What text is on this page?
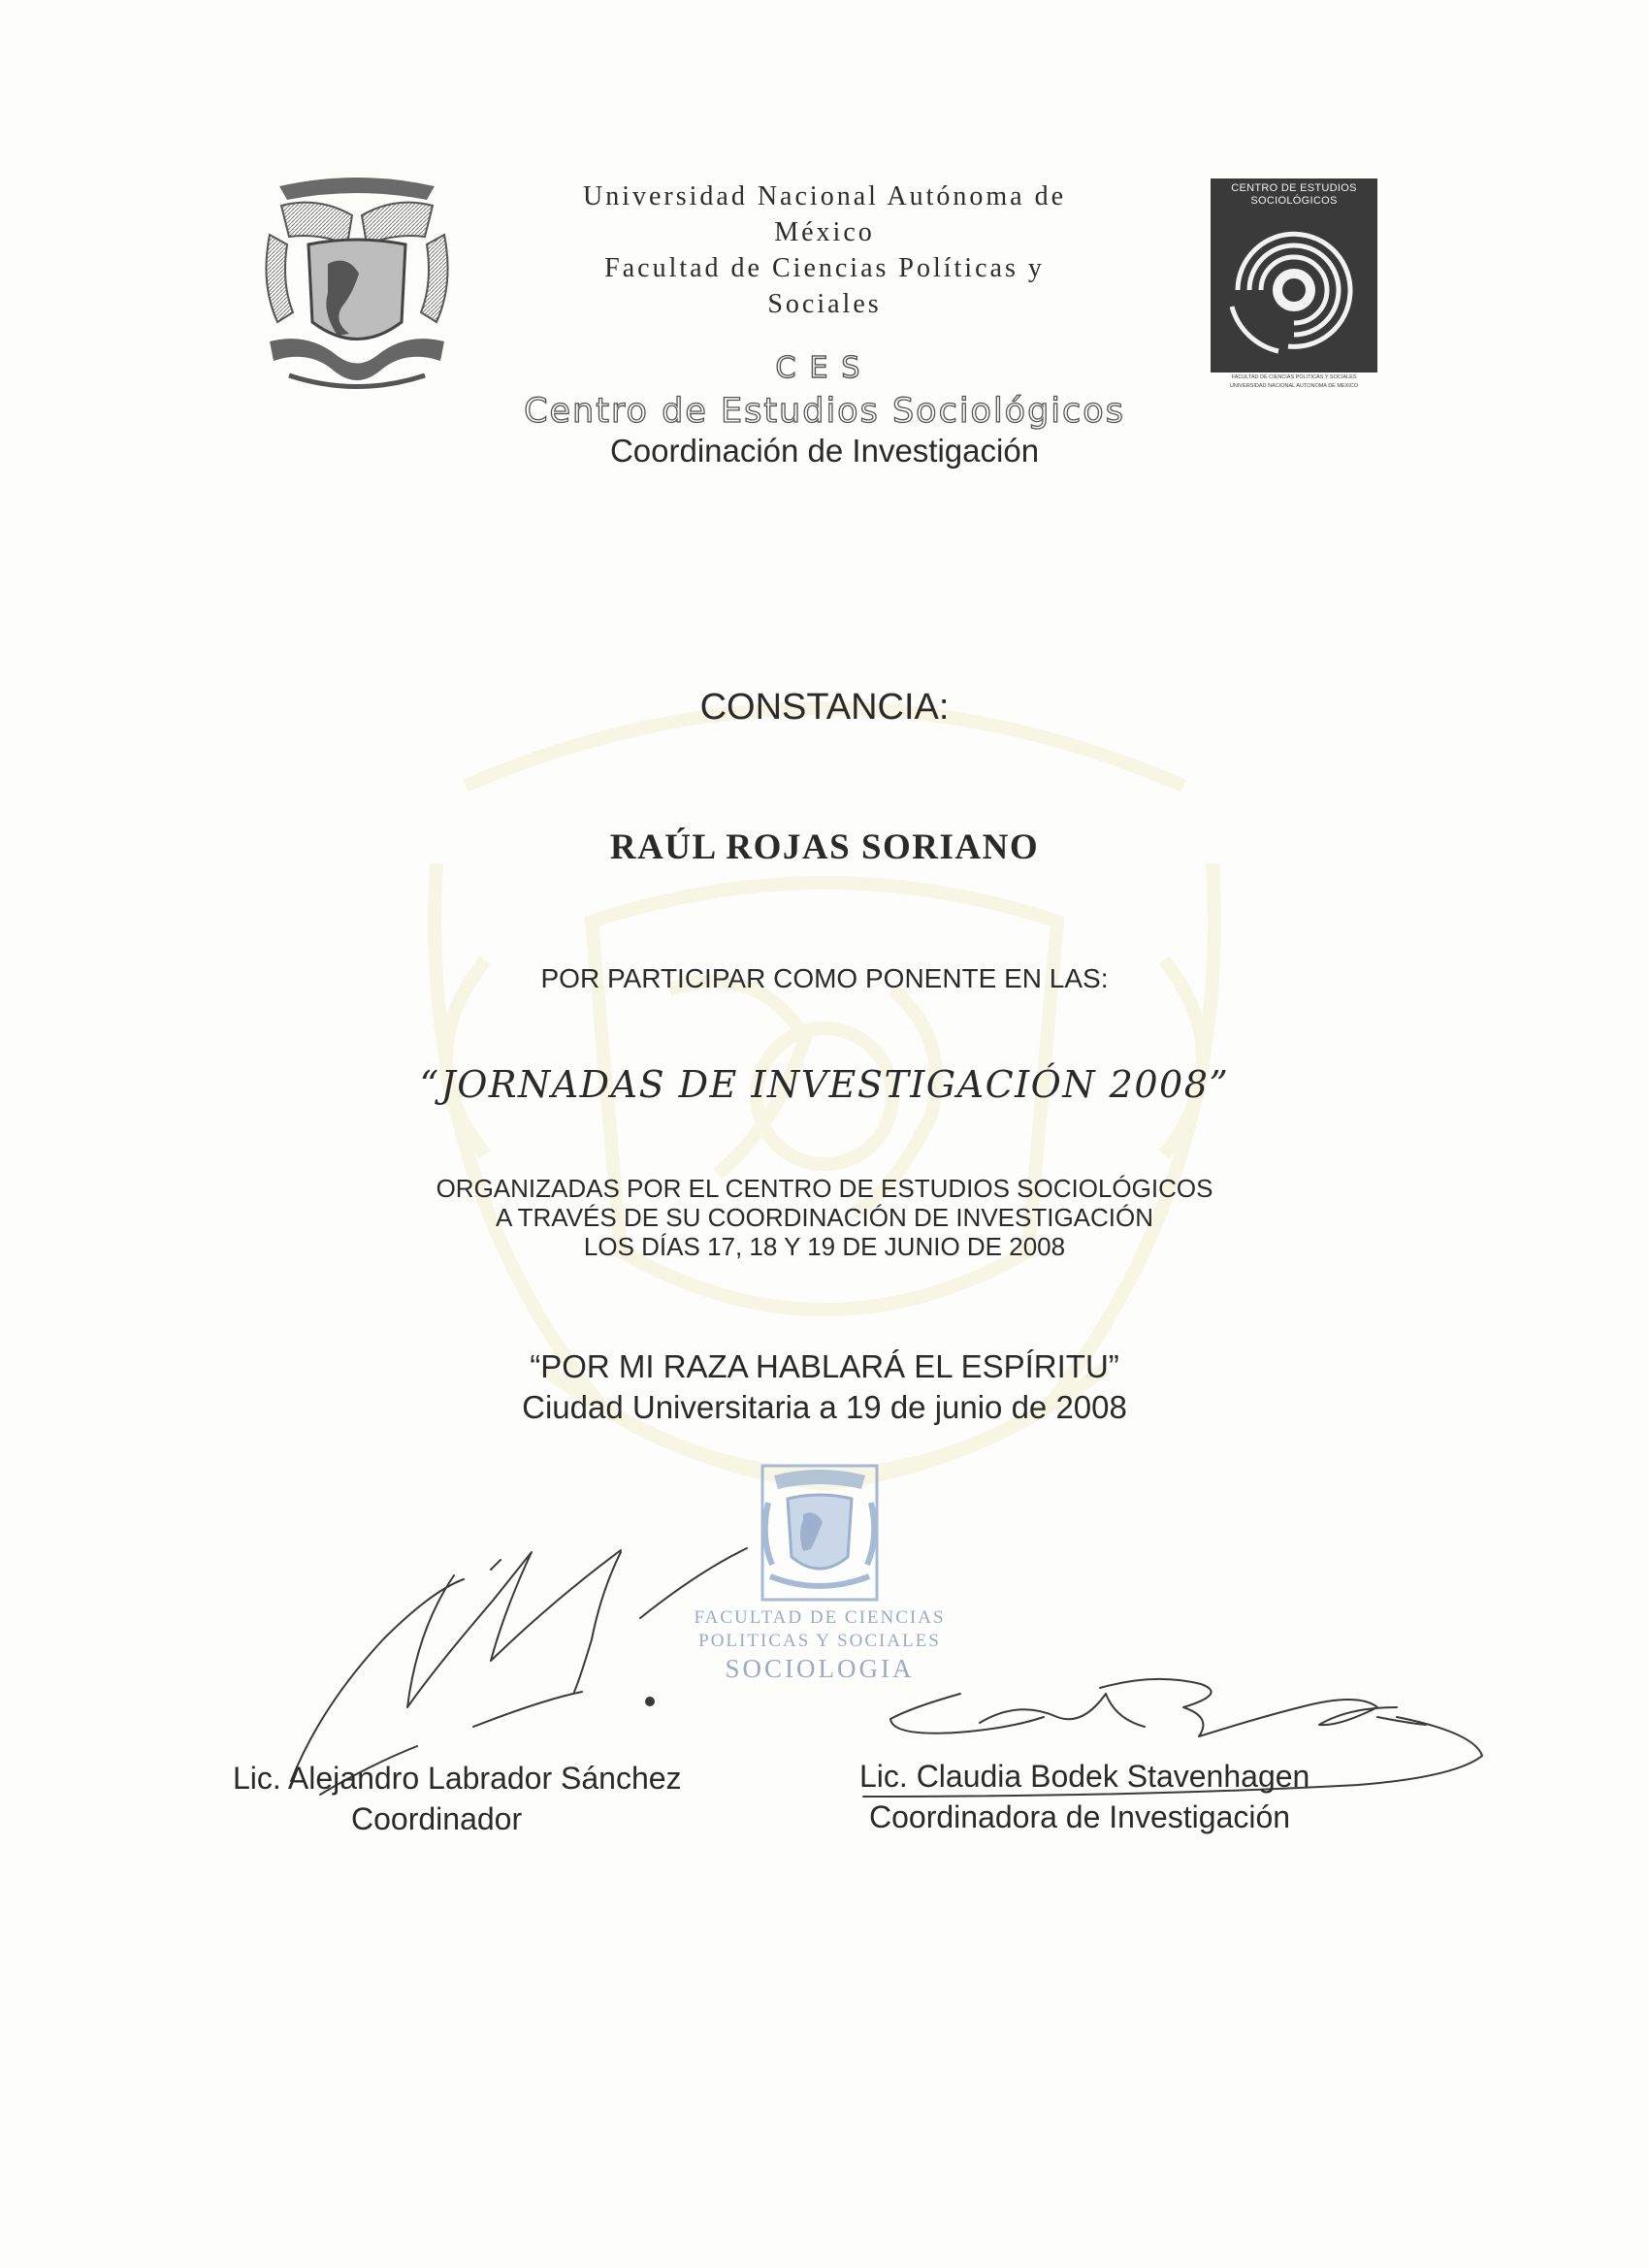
Universidad Nacional Autónoma de
México
Facultad de Ciencias Políticas y
Sociales
CES
Centro de Estudios Sociológicos
Coordinación de Investigación
CENTRO DE ESTUDIOS
SOCIOLÓGICOS
FACULTAD DE CIENCIAS POLÍTICAS Y SOCIALES
UNIVERSIDAD NACIONAL AUTÓNOMA DE MÉXICO
CONSTANCIA:
RAÚL ROJAS SORIANO
POR PARTICIPAR COMO PONENTE EN LAS:
“JORNADAS DE INVESTIGACIÓN 2008”
ORGANIZADAS POR EL CENTRO DE ESTUDIOS SOCIOLÓGICOS
A TRAVÉS DE SU COORDINACIÓN DE INVESTIGACIÓN
LOS DÍAS 17, 18 Y 19 DE JUNIO DE 2008
“POR MI RAZA HABLARÁ EL ESPÍRITU”
Ciudad Universitaria a 19 de junio de 2008
FACULTAD DE CIENCIAS
POLITICAS Y SOCIALES
SOCIOLOGIA
Lic. Alejandro Labrador Sánchez
Coordinador
Lic. Claudia Bodek Stavenhagen
Coordinadora de Investigación
